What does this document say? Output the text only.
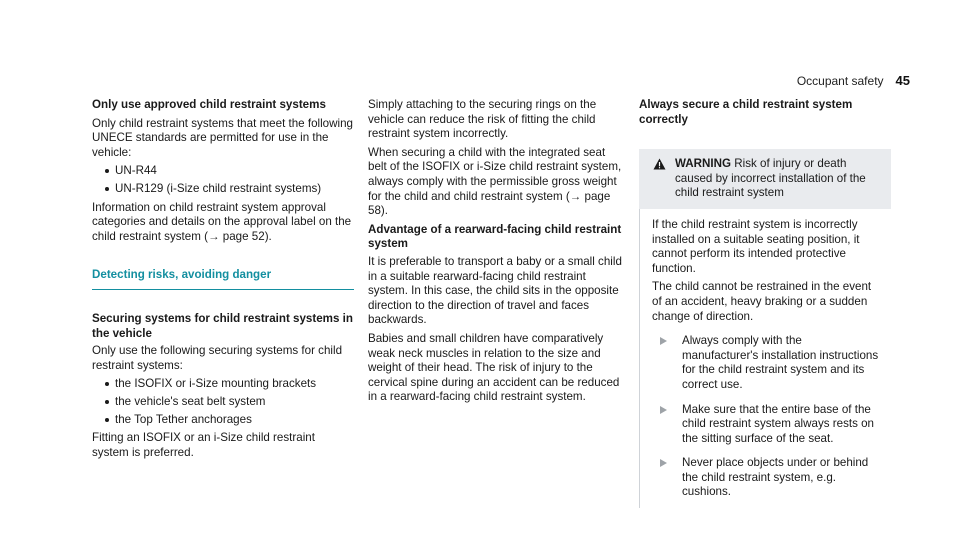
Occupant safety 45

Only use approved child restraint systems

Only child restraint systems that meet the following UNECE standards are permitted for use in the vehicle:

UN-R44
UN-R129 (i-Size child restraint systems)

Information on child restraint system approval categories and details on the approval label on the child restraint system (→ page 52).

Detecting risks, avoiding danger

Securing systems for child restraint systems in the vehicle

Only use the following securing systems for child restraint systems:

the ISOFIX or i-Size mounting brackets
the vehicle's seat belt system
the Top Tether anchorages

Fitting an ISOFIX or an i-Size child restraint system is preferred.

Simply attaching to the securing rings on the vehicle can reduce the risk of fitting the child restraint system incorrectly.

When securing a child with the integrated seat belt of the ISOFIX or i-Size child restraint system, always comply with the permissible gross weight for the child and child restraint system (→ page 58).

Advantage of a rearward-facing child restraint system

It is preferable to transport a baby or a small child in a suitable rearward-facing child restraint system. In this case, the child sits in the opposite direction to the direction of travel and faces backwards.

Babies and small children have comparatively weak neck muscles in relation to the size and weight of their head. The risk of injury to the cervical spine during an accident can be reduced in a rearward-facing child restraint system.

Always secure a child restraint system correctly

WARNING Risk of injury or death caused by incorrect installation of the child restraint system

If the child restraint system is incorrectly installed on a suitable seating position, it cannot perform its intended protective function.

The child cannot be restrained in the event of an accident, heavy braking or a sudden change of direction.

Always comply with the manufacturer's installation instructions for the child restraint system and its correct use.
Make sure that the entire base of the child restraint system always rests on the sitting surface of the seat.
Never place objects under or behind the child restraint system, e.g. cushions.
